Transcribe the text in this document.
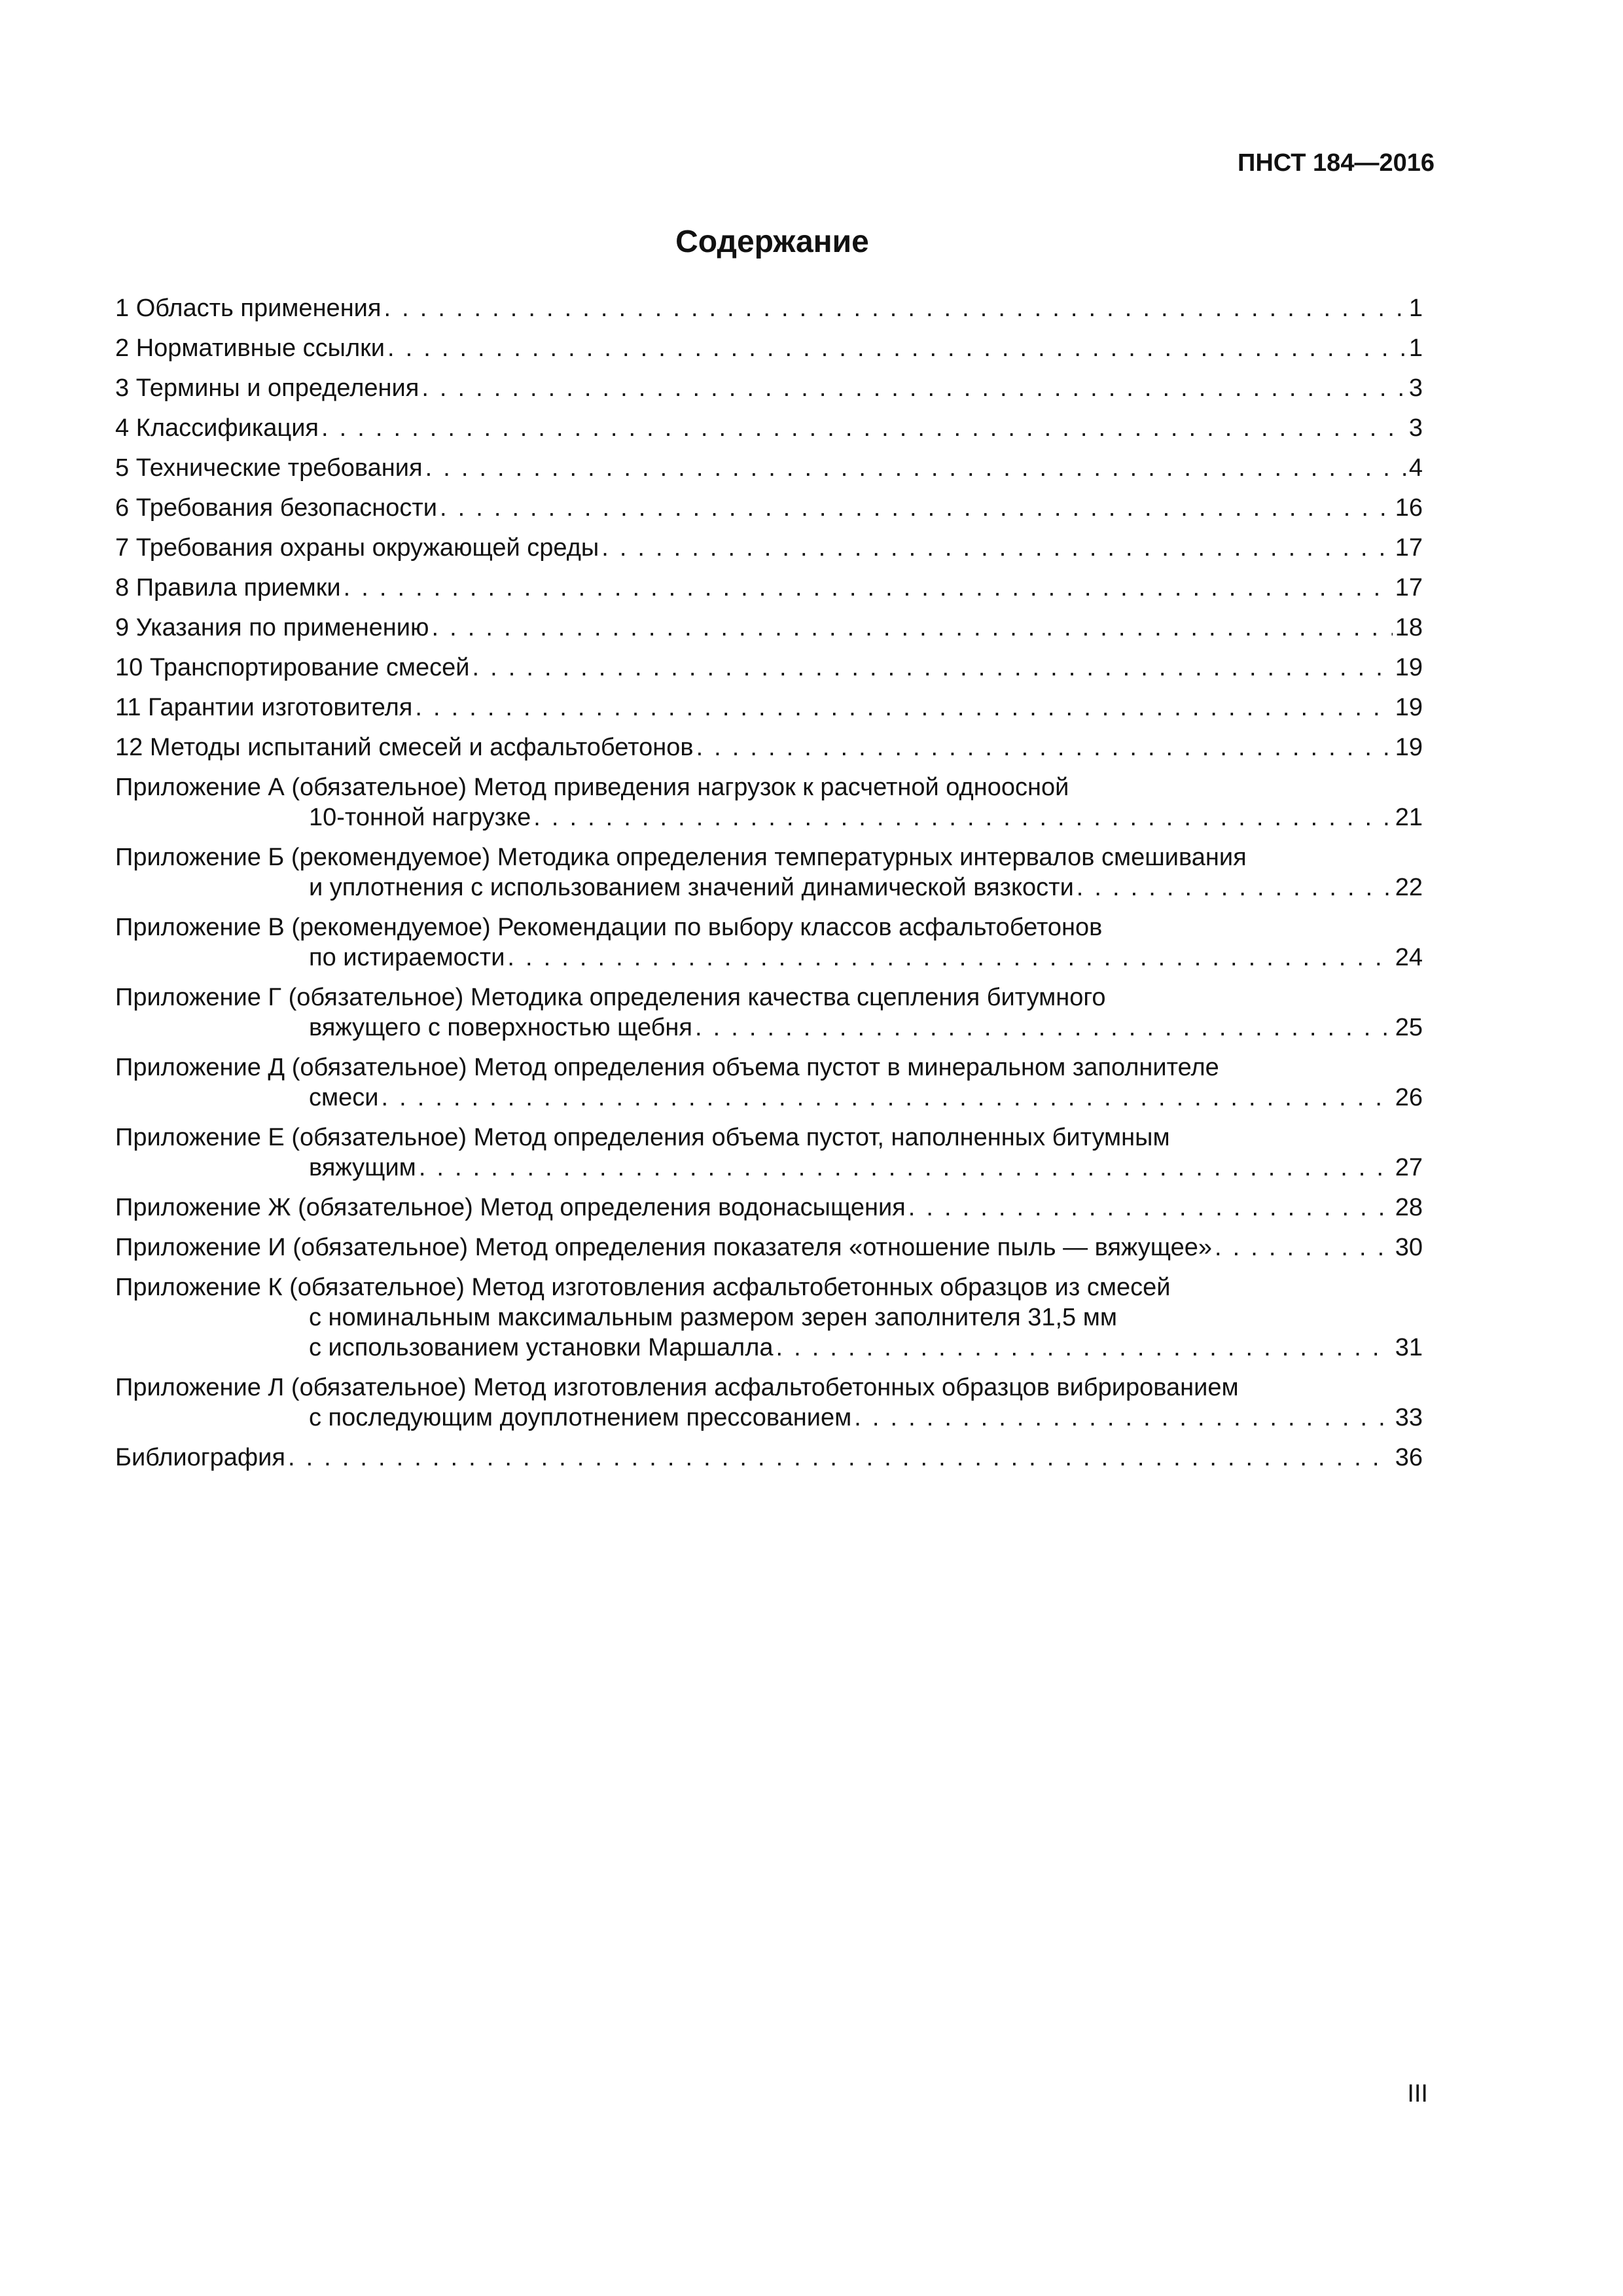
ПНСТ 184—2016

Содержание
1 Область применения . . .	1
2 Нормативные ссылки . . .	1
3 Термины и определения . . .	3
4 Классификация . . .	3
5 Технические требования . . .	4
6 Требования безопасности . . .	16
7 Требования охраны окружающей среды . . .	17
8 Правила приемки . . .	17
9 Указания по применению . . .	18
10 Транспортирование смесей . . .	19
11 Гарантии изготовителя . . .	19
12 Методы испытаний смесей и асфальтобетонов . . .	19
Приложение А (обязательное) Метод приведения нагрузок к расчетной одноосной
10-тонной нагрузке . . .	21
Приложение Б (рекомендуемое) Методика определения температурных интервалов смешивания
и уплотнения с использованием значений динамической вязкости . . .	22
Приложение В (рекомендуемое) Рекомендации по выбору классов асфальтобетонов
по истираемости . . .	24
Приложение Г (обязательное) Методика определения качества сцепления битумного
вяжущего с поверхностью щебня . . .	25
Приложение Д (обязательное) Метод определения объема пустот в минеральном заполнителе
смеси . . .	26
Приложение Е (обязательное) Метод определения объема пустот, наполненных битумным
вяжущим . . .	27
Приложение Ж (обязательное) Метод определения водонасыщения . . .	28
Приложение И (обязательное) Метод определения показателя «отношение пыль — вяжущее» . . .	30
Приложение К (обязательное) Метод изготовления асфальтобетонных образцов из смесей
с номинальным максимальным размером зерен заполнителя 31,5 мм
с использованием установки Маршалла . . .	31
Приложение Л (обязательное) Метод изготовления асфальтобетонных образцов вибрированием
с последующим доуплотнением прессованием . . .	33
Библиография . . .	36

III
